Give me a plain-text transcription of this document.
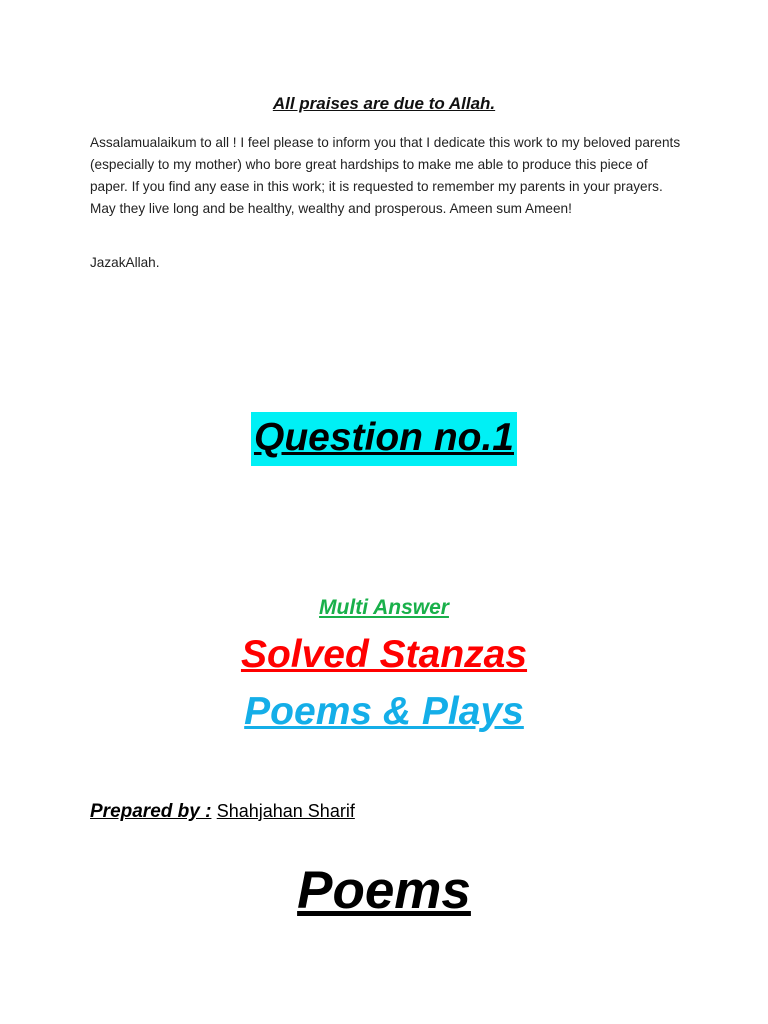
All praises are due to Allah.
Assalamualaikum to all ! I feel please to inform you that I dedicate this work to my beloved parents (especially to my mother) who bore great hardships to make me able to produce this piece of paper. If you find any ease in this work; it is requested to remember my parents in your prayers. May they live long and be healthy, wealthy and prosperous. Ameen sum Ameen!
JazakAllah.
Question no.1
Multi Answer
Solved Stanzas
Poems & Plays
Prepared by : Shahjahan Sharif
Poems
